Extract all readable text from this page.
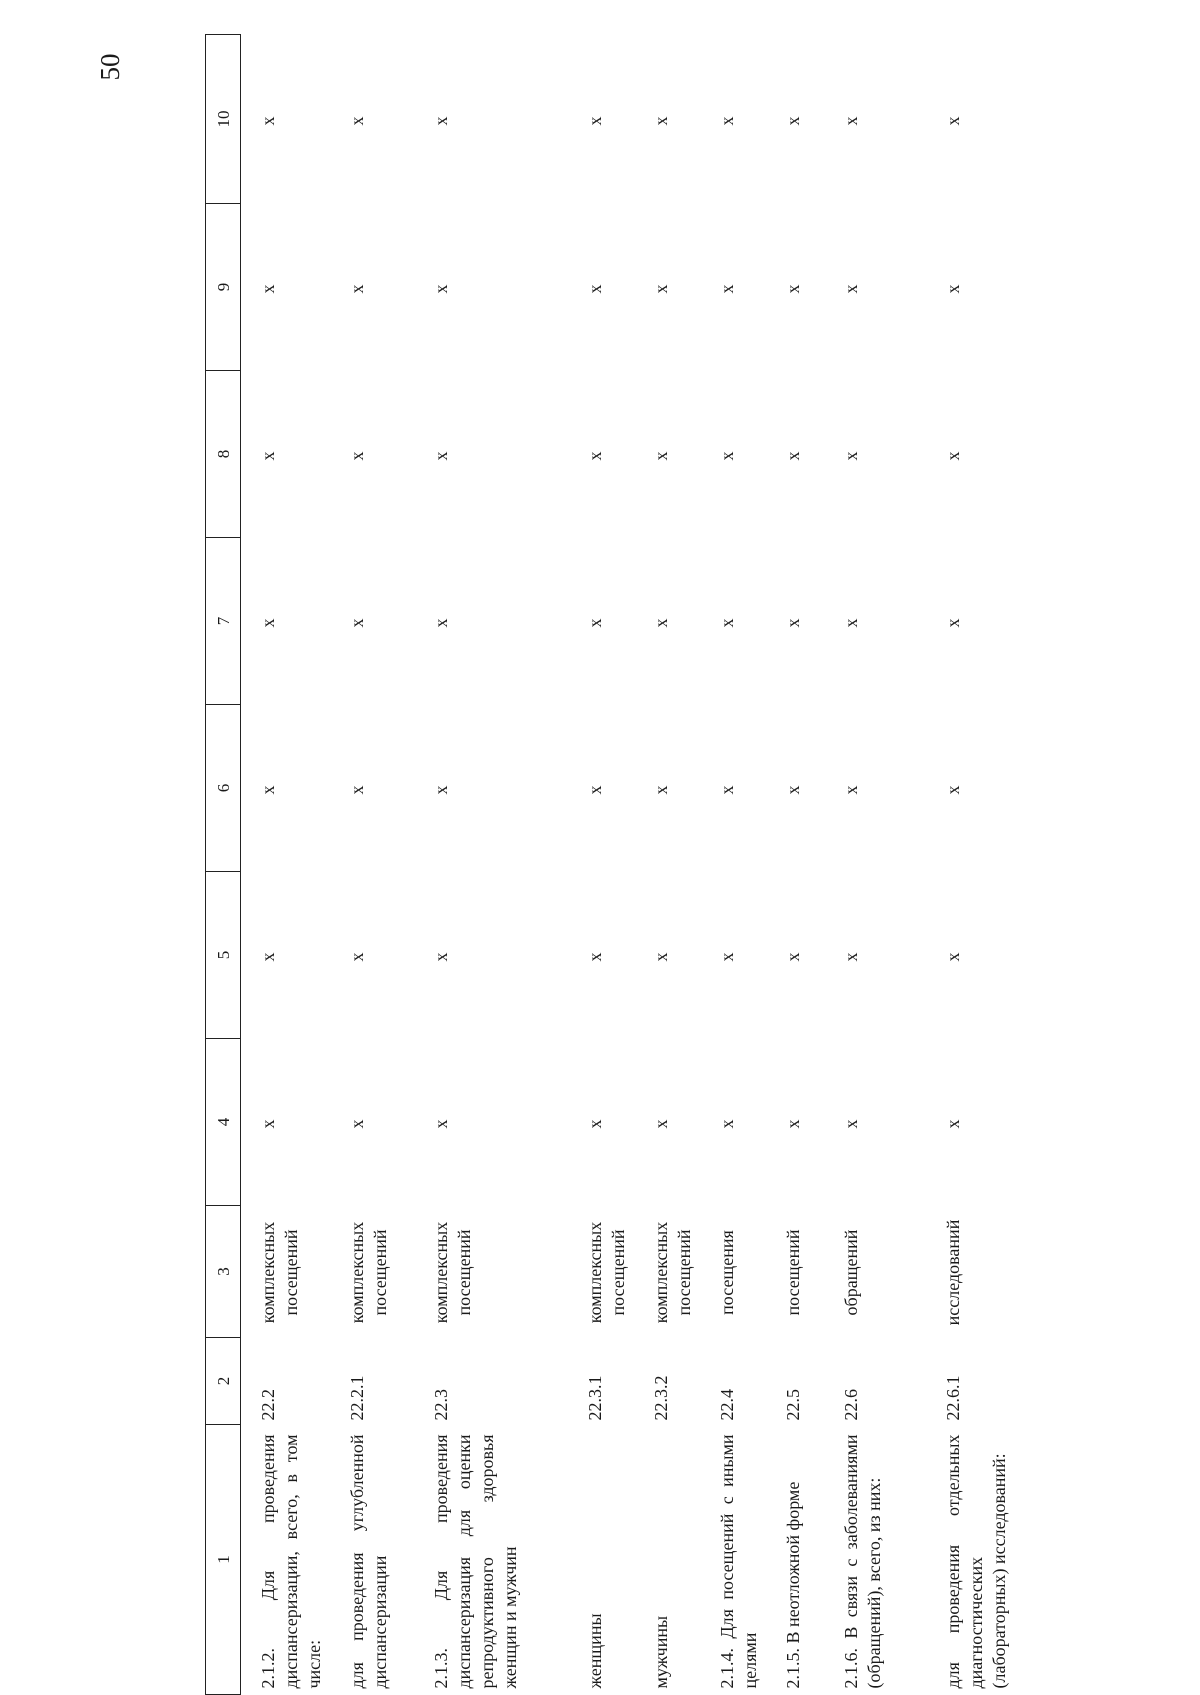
50
1	2	3	4	5	6	7	8	9	10
2.1.2. Для проведения диспансеризации, всего, в том числе:	22.2	комплексных посещений	x	x	x	x	x	x	x
для проведения углубленной диспансеризации	22.2.1	комплексных посещений	x	x	x	x	x	x	x
2.1.3. Для проведения диспансеризация для оценки репродуктивного здоровья женщин и мужчин	22.3	комплексных посещений	x	x	x	x	x	x	x
женщины	22.3.1	комплексных посещений	x	x	x	x	x	x	x
мужчины	22.3.2	комплексных посещений	x	x	x	x	x	x	x
2.1.4. Для посещений с иными целями	22.4	посещения	x	x	x	x	x	x	x
2.1.5. В неотложной форме	22.5	посещений	x	x	x	x	x	x	x
2.1.6. В связи с заболеваниями (обращений), всего, из них:	22.6	обращений	x	x	x	x	x	x	x
для проведения отдельных диагностических (лабораторных) исследований:	22.6.1	исследований	x	x	x	x	x	x	x
